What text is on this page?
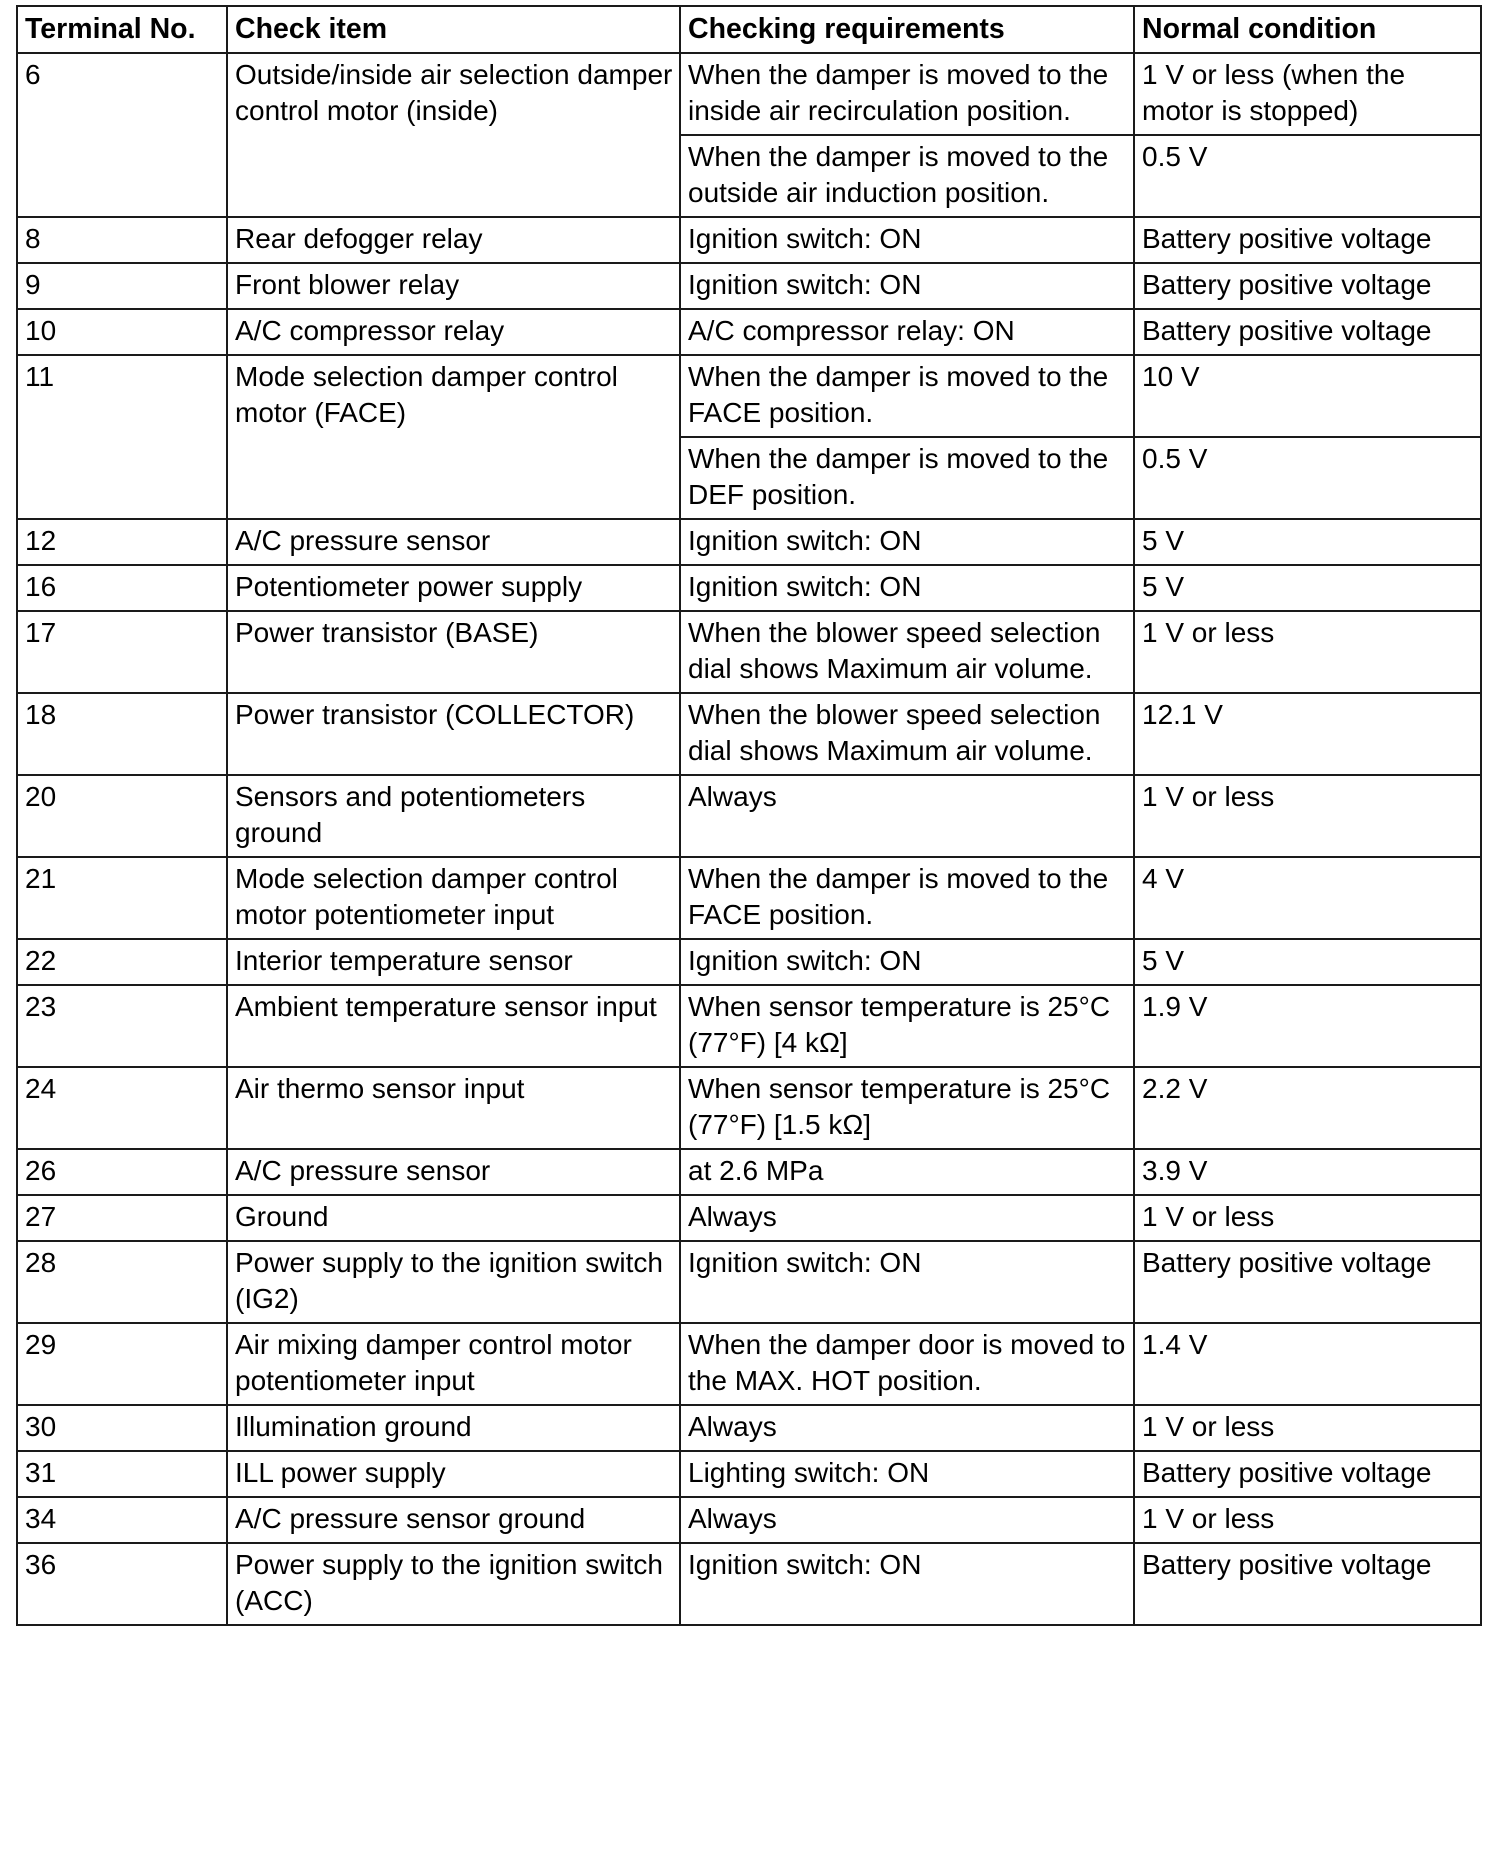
Terminal No.	Check item	Checking requirements	Normal condition
6	Outside/inside air selection damper control motor (inside)	When the damper is moved to the inside air recirculation position.	1 V or less (when the motor is stopped)
		When the damper is moved to the outside air induction position.	0.5 V
8	Rear defogger relay	Ignition switch: ON	Battery positive voltage
9	Front blower relay	Ignition switch: ON	Battery positive voltage
10	A/C compressor relay	A/C compressor relay: ON	Battery positive voltage
11	Mode selection damper control motor (FACE)	When the damper is moved to the FACE position.	10 V
		When the damper is moved to the DEF position.	0.5 V
12	A/C pressure sensor	Ignition switch: ON	5 V
16	Potentiometer power supply	Ignition switch: ON	5 V
17	Power transistor (BASE)	When the blower speed selection dial shows Maximum air volume.	1 V or less
18	Power transistor (COLLECTOR)	When the blower speed selection dial shows Maximum air volume.	12.1 V
20	Sensors and potentiometers ground	Always	1 V or less
21	Mode selection damper control motor potentiometer input	When the damper is moved to the FACE position.	4 V
22	Interior temperature sensor	Ignition switch: ON	5 V
23	Ambient temperature sensor input	When sensor temperature is 25°C (77°F) [4 kΩ]	1.9 V
24	Air thermo sensor input	When sensor temperature is 25°C (77°F) [1.5 kΩ]	2.2 V
26	A/C pressure sensor	at 2.6 MPa	3.9 V
27	Ground	Always	1 V or less
28	Power supply to the ignition switch (IG2)	Ignition switch: ON	Battery positive voltage
29	Air mixing damper control motor potentiometer input	When the damper door is moved to the MAX. HOT position.	1.4 V
30	Illumination ground	Always	1 V or less
31	ILL power supply	Lighting switch: ON	Battery positive voltage
34	A/C pressure sensor ground	Always	1 V or less
36	Power supply to the ignition switch (ACC)	Ignition switch: ON	Battery positive voltage
